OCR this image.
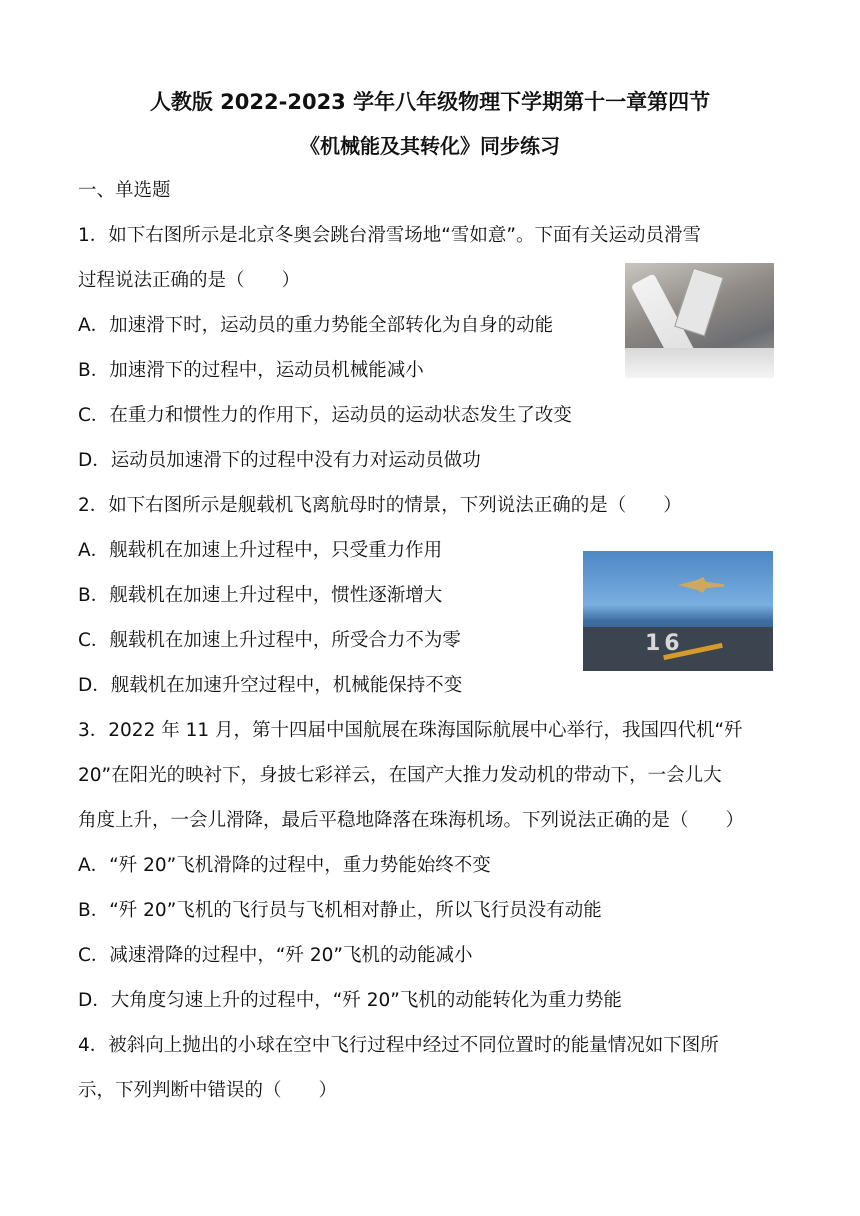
人教版 2022-2023 学年八年级物理下学期第十一章第四节
《机械能及其转化》同步练习

一、单选题

1．如下右图所示是北京冬奥会跳台滑雪场地“雪如意”。下面有关运动员滑雪

过程说法正确的是（　　）

A．加速滑下时，运动员的重力势能全部转化为自身的动能

B．加速滑下的过程中，运动员机械能减小

C．在重力和惯性力的作用下，运动员的运动状态发生了改变

D．运动员加速滑下的过程中没有力对运动员做功

2．如下右图所示是舰载机飞离航母时的情景，下列说法正确的是（　　）

A．舰载机在加速上升过程中，只受重力作用

B．舰载机在加速上升过程中，惯性逐渐增大

C．舰载机在加速上升过程中，所受合力不为零

D．舰载机在加速升空过程中，机械能保持不变

3．2022 年 11 月，第十四届中国航展在珠海国际航展中心举行，我国四代机“歼

20”在阳光的映衬下，身披七彩祥云，在国产大推力发动机的带动下，一会儿大

角度上升，一会儿滑降，最后平稳地降落在珠海机场。下列说法正确的是（　　）

A．“歼 20”飞机滑降的过程中，重力势能始终不变

B．“歼 20”飞机的飞行员与飞机相对静止，所以飞行员没有动能

C．减速滑降的过程中，“歼 20”飞机的动能减小

D．大角度匀速上升的过程中，“歼 20”飞机的动能转化为重力势能

4．被斜向上抛出的小球在空中飞行过程中经过不同位置时的能量情况如下图所

示，下列判断中错误的（　　）

16
